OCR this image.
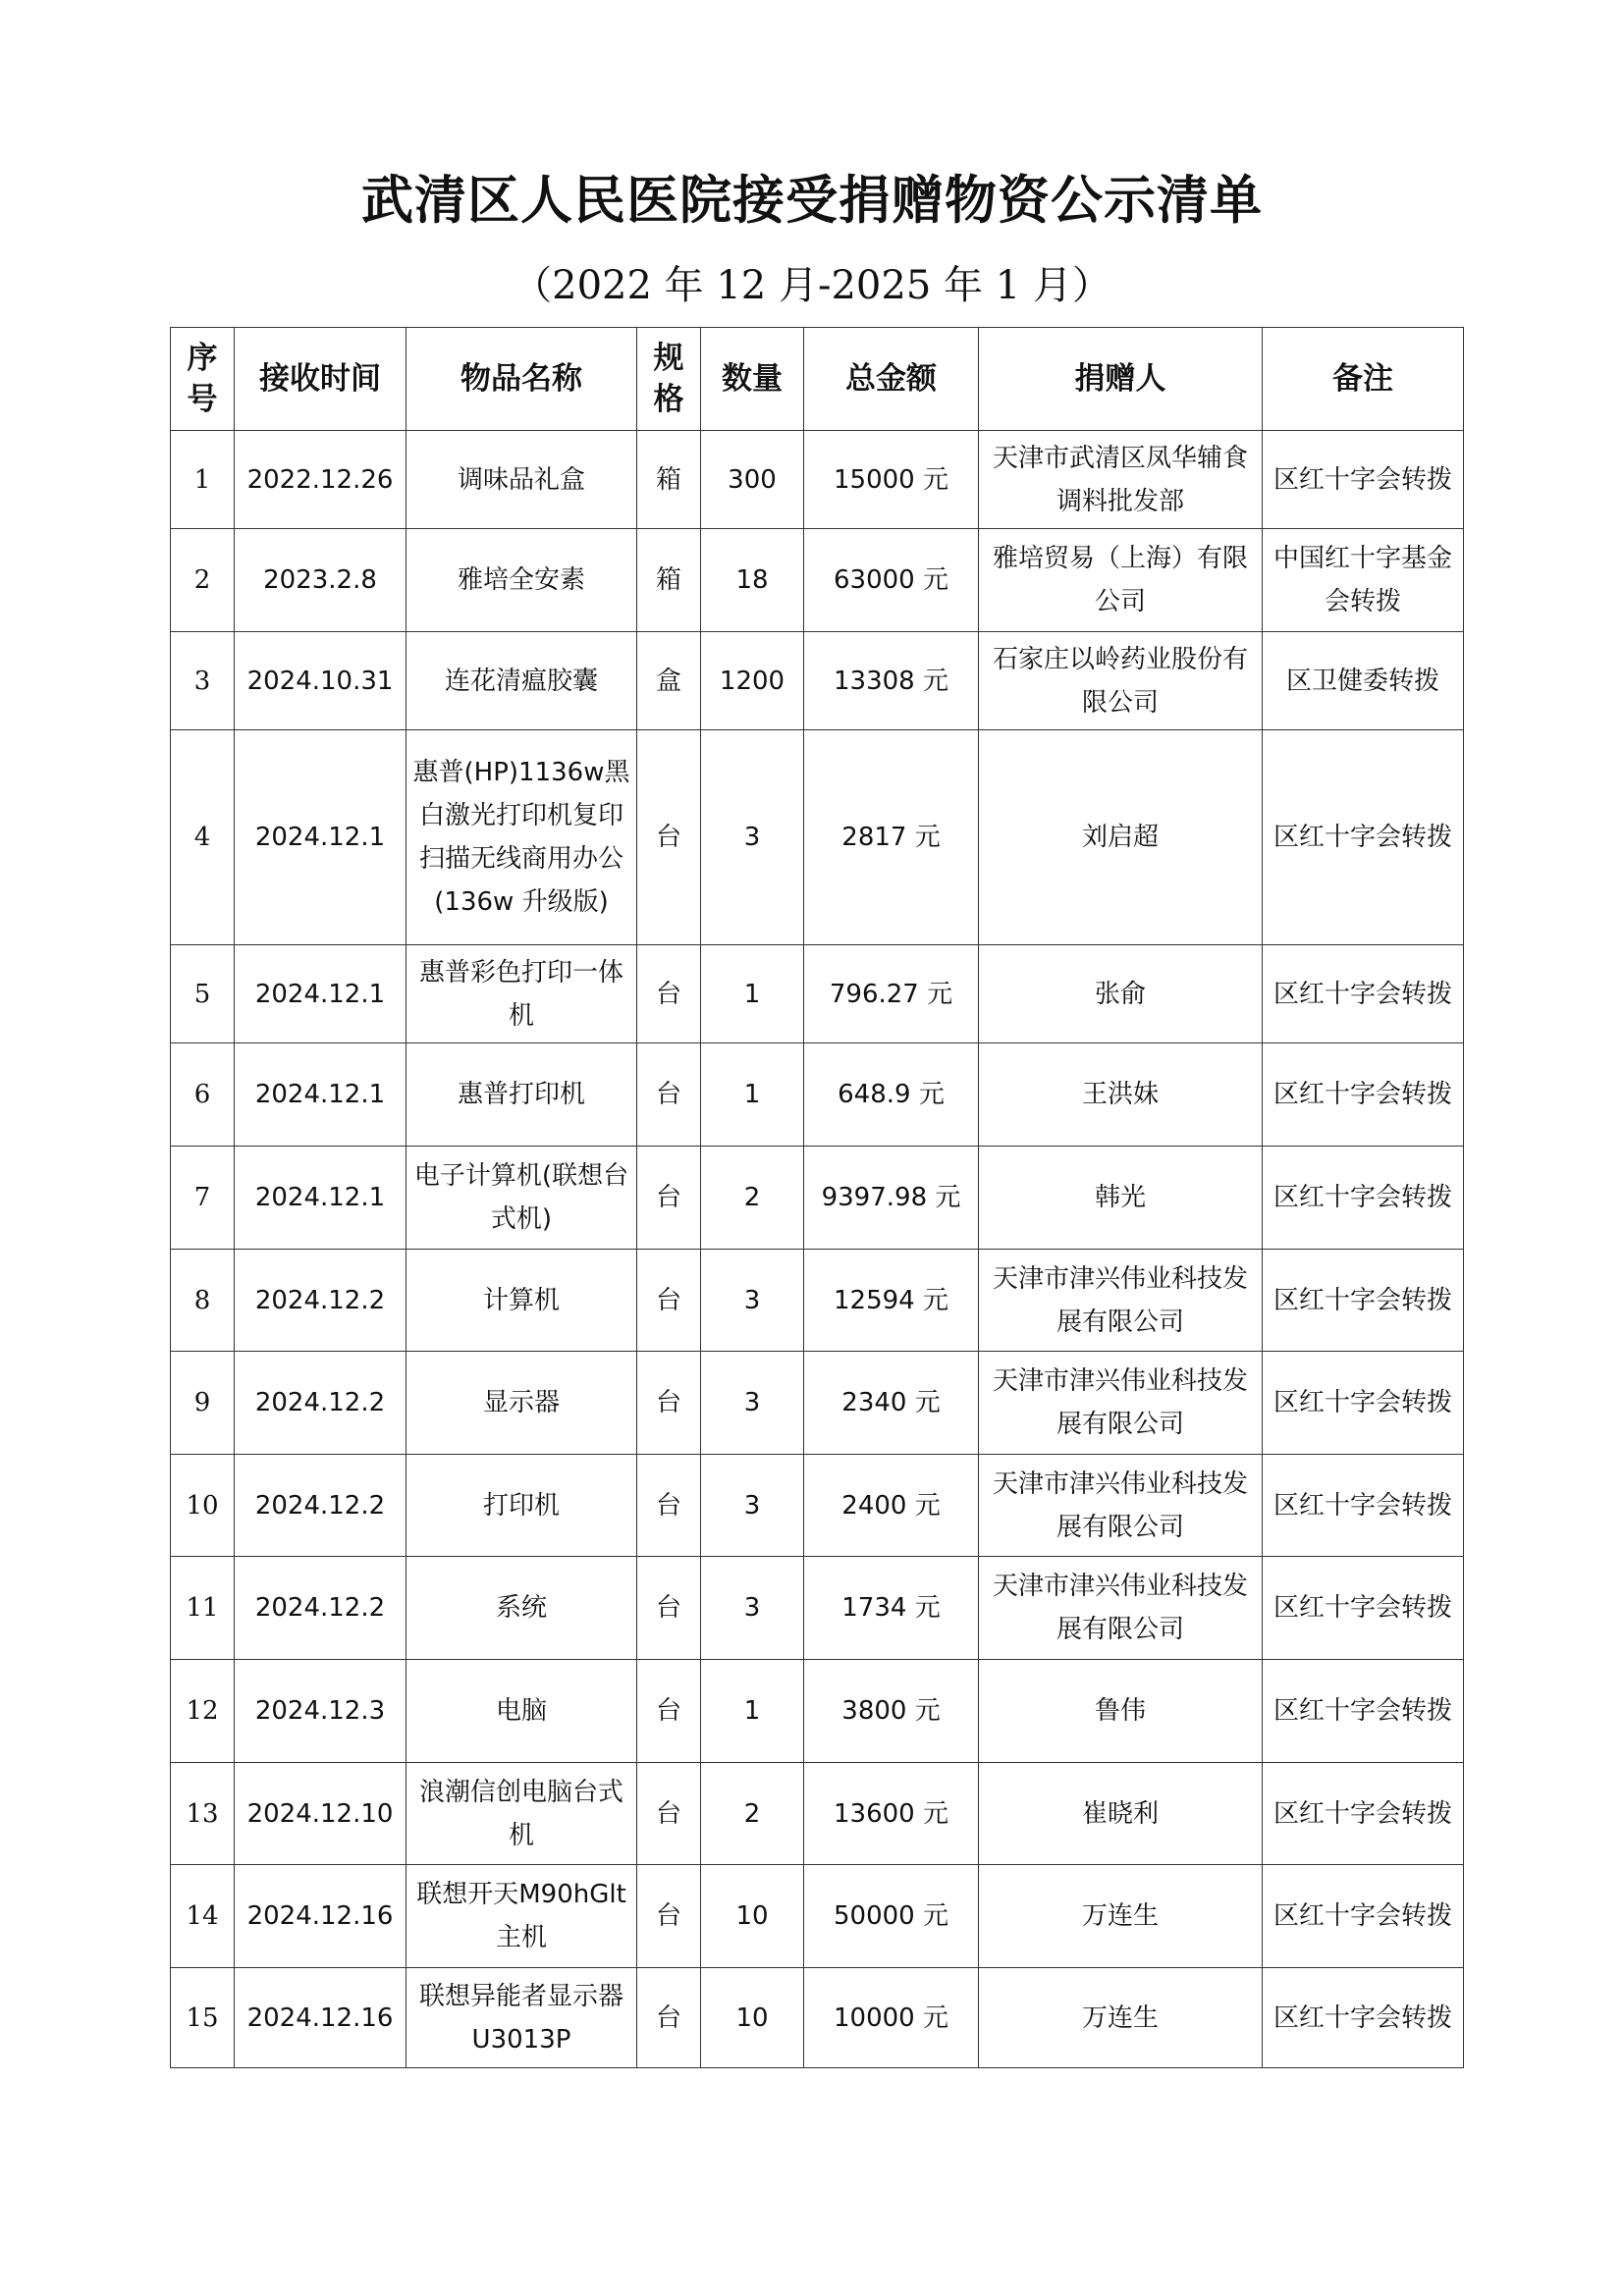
武清区人民医院接受捐赠物资公示清单
（2022 年 12 月-2025 年 1 月）
序号	接收时间	物品名称	规格	数量	总金额	捐赠人	备注
1	2022.12.26	调味品礼盒	箱	300	15000 元	天津市武清区凤华辅食调料批发部	区红十字会转拨
2	2023.2.8	雅培全安素	箱	18	63000 元	雅培贸易（上海）有限公司	中国红十字基金会转拨
3	2024.10.31	连花清瘟胶囊	盒	1200	13308 元	石家庄以岭药业股份有限公司	区卫健委转拨
4	2024.12.1	惠普(HP)1136w黑白激光打印机复印扫描无线商用办公(136w 升级版)	台	3	2817 元	刘启超	区红十字会转拨
5	2024.12.1	惠普彩色打印一体机	台	1	796.27 元	张俞	区红十字会转拨
6	2024.12.1	惠普打印机	台	1	648.9 元	王洪妹	区红十字会转拨
7	2024.12.1	电子计算机(联想台式机)	台	2	9397.98 元	韩光	区红十字会转拨
8	2024.12.2	计算机	台	3	12594 元	天津市津兴伟业科技发展有限公司	区红十字会转拨
9	2024.12.2	显示器	台	3	2340 元	天津市津兴伟业科技发展有限公司	区红十字会转拨
10	2024.12.2	打印机	台	3	2400 元	天津市津兴伟业科技发展有限公司	区红十字会转拨
11	2024.12.2	系统	台	3	1734 元	天津市津兴伟业科技发展有限公司	区红十字会转拨
12	2024.12.3	电脑	台	1	3800 元	鲁伟	区红十字会转拨
13	2024.12.10	浪潮信创电脑台式机	台	2	13600 元	崔晓利	区红十字会转拨
14	2024.12.16	联想开天M90hGlt 主机	台	10	50000 元	万连生	区红十字会转拨
15	2024.12.16	联想异能者显示器 U3013P	台	10	10000 元	万连生	区红十字会转拨
